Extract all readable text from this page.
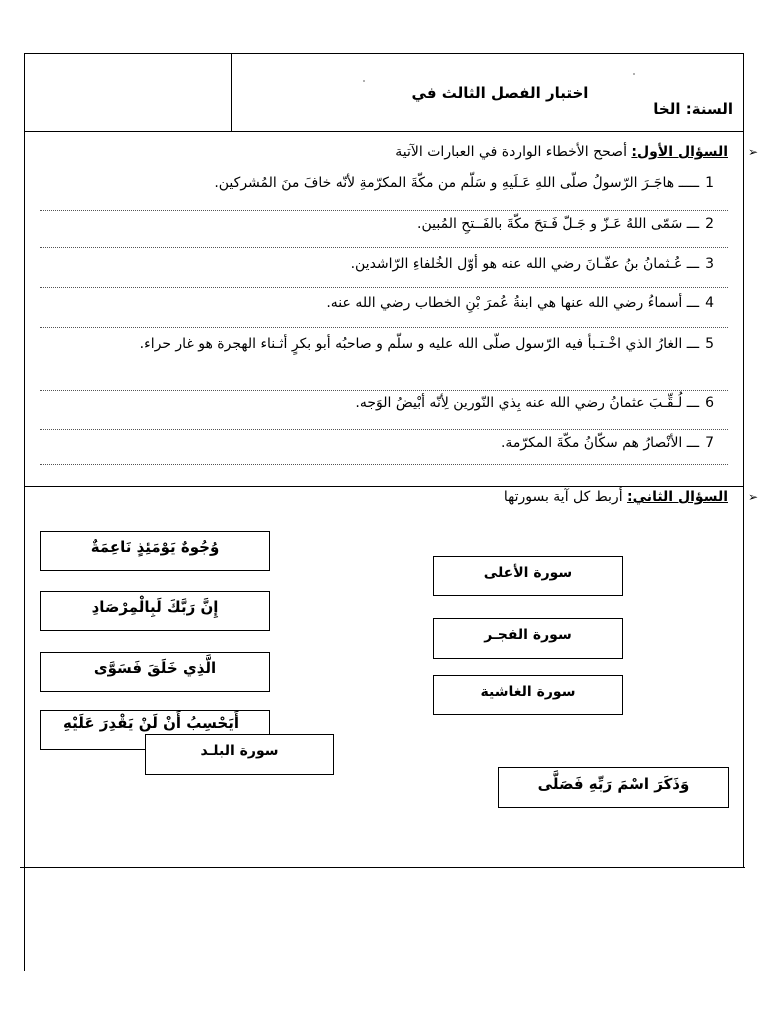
اختبار الفصل الثالث في
السنة: الخا
➢
السؤال الأول: أصحح الأخطاء الواردة في العبارات الآتية
1ـــــ هاجَـرَ الرّسولُ صلّى اللهِ عَـلَيهِ و سَلّم من مكّةَ المكرّمةِ لأنّه خافَ منَ المُشركين.
2ـــ سَمّى اللهُ عَـزّ و جَـلّ فَـتحَ مكّةَ بالفَــتحِ المُبين.
3ـــ عُـثمانُ بنُ عفّـانَ رضي الله عنه هو أوّل الخُلفاءِ الرّاشدين.
4ـــ أسماءُ رضي الله عنها هي ابنةُ عُمرَ بْنِ الخطاب رضي الله عنه.
5ـــ الغارُ الذي اخْـتـبأ فيه الرّسول صلّى الله عليه و سلّم و صاحبُه أبو بكرٍ أثـناء الهجرة هو غار حراء.
6ـــ لُـقِّـبَ عثمانُ رضي الله عنه بِذي النّورين لِأنّه أبْيضُ الوَجه.
7ـــ الأنْصارُ هم سكّانُ مكّةَ المكرّمة.
➢
السؤال الثاني: أربط كل آية بسورتها
وُجُوهٌ يَوْمَئِذٍ نَاعِمَةٌ
إِنَّ رَبَّكَ لَبِالْمِرْصَادِ
الَّذِي خَلَقَ فَسَوَّى
أَيَحْسِبُ أَنْ لَنْ يَقْدِرَ عَلَيْهِ
وَذَكَرَ اسْمَ رَبِّهِ فَصَلَّى
سورة الأعلى
سورة الفجـر
سورة الغاشية
سورة البلـد
